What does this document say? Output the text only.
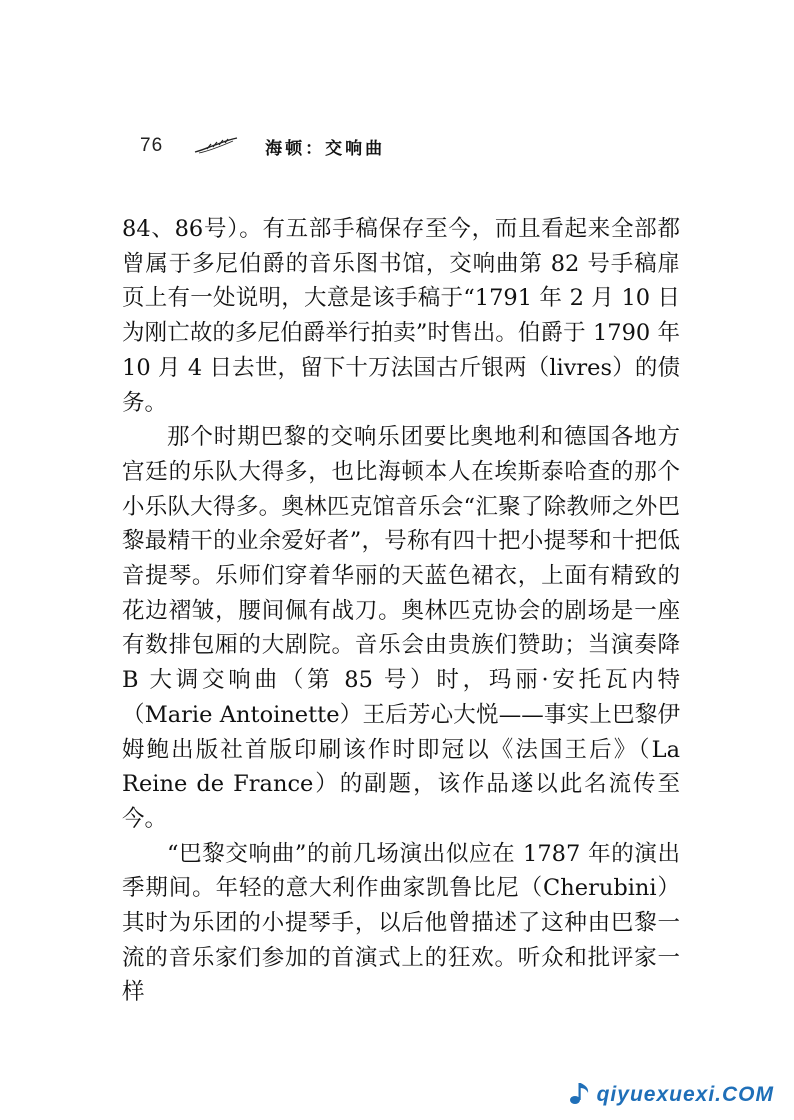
76	海顿：交响曲

84、86号）。有五部手稿保存至今，而且看起来全部都曾属于多尼伯爵的音乐图书馆，交响曲第 82 号手稿扉页上有一处说明，大意是该手稿于“1791 年 2 月 10 日为刚亡故的多尼伯爵举行拍卖”时售出。伯爵于 1790 年 10 月 4 日去世，留下十万法国古斤银两（livres）的债务。

那个时期巴黎的交响乐团要比奥地利和德国各地方宫廷的乐队大得多，也比海顿本人在埃斯泰哈查的那个小乐队大得多。奥林匹克馆音乐会“汇聚了除教师之外巴黎最精干的业余爱好者”，号称有四十把小提琴和十把低音提琴。乐师们穿着华丽的天蓝色裙衣，上面有精致的花边褶皱，腰间佩有战刀。奥林匹克协会的剧场是一座有数排包厢的大剧院。音乐会由贵族们赞助；当演奏降 B 大调交响曲（第 85 号）时，玛丽·安托瓦内特（Marie Antoinette）王后芳心大悦——事实上巴黎伊姆鲍出版社首版印刷该作时即冠以《法国王后》（La Reine de France）的副题，该作品遂以此名流传至今。

“巴黎交响曲”的前几场演出似应在 1787 年的演出季期间。年轻的意大利作曲家凯鲁比尼（Cherubini）其时为乐团的小提琴手，以后他曾描述了这种由巴黎一流的音乐家们参加的首演式上的狂欢。听众和批评家一样

qiyuexuexi.COM
